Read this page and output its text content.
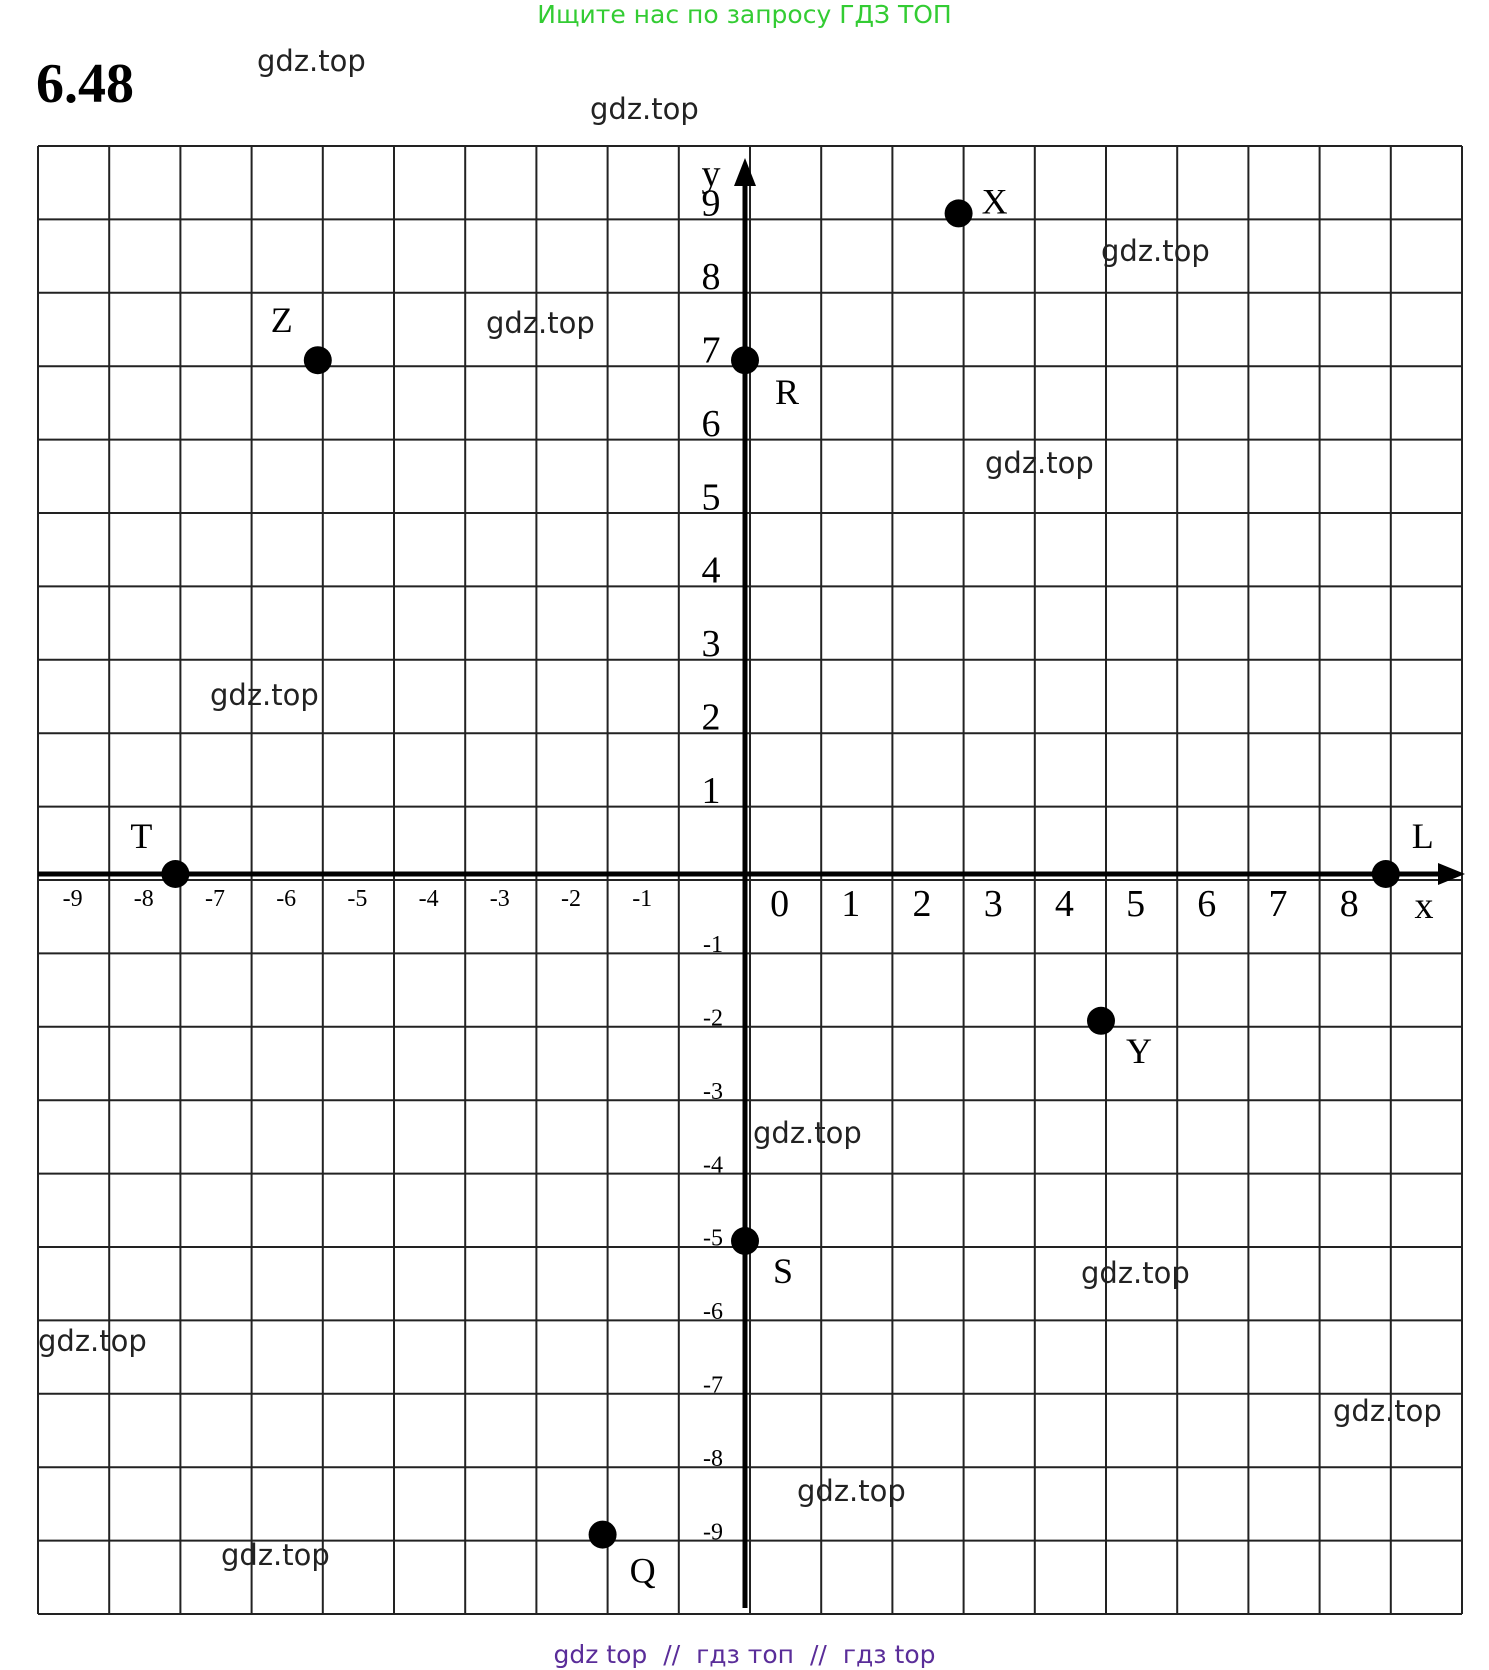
Ищите нас по запросу ГДЗ ТОП
6.48	gdz.top
gdz.top
gdz.top
gdz.top
gdz.top
gdz.top
gdz.top
gdz.top
gdz.top
gdz.top
gdz.top
gdz.top
-9 -8 -7 -6 -5 -4 -3 -2 -1	0 1 2 3 4 5 6 7 8
1
2
3
4
5
6
7
8
9
-1
-2
-3
-4
-5
-6
-7
-8
-9
y
x
X
Z
R
T	L
Y
S
Q
gdz top // гдз топ // гдз top
